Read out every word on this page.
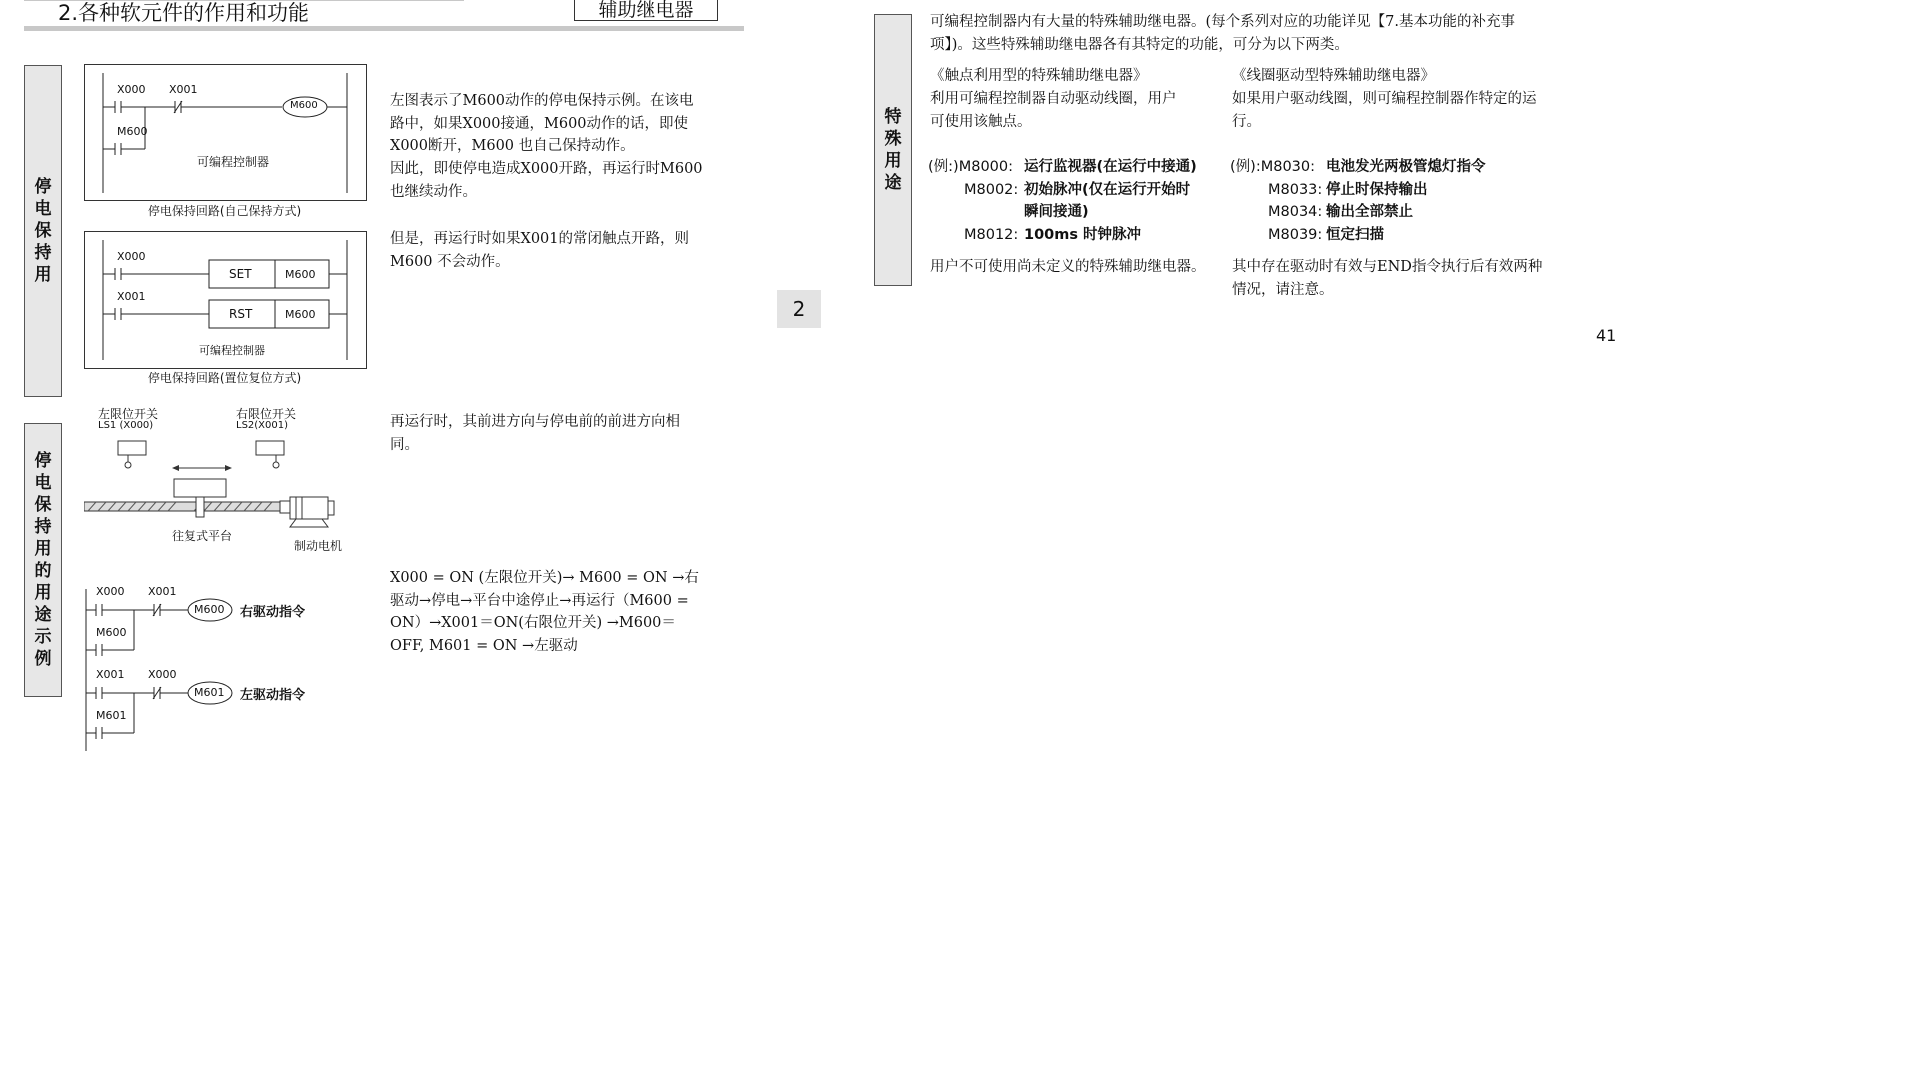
2.各种软元件的作用和功能	辅助继电器
停
电
保
持
用
停
电
保
持
用
的
用
途
示
例
X000 X001
M600
M600
可编程控制器
停电保持回路(自己保持方式)
X000
X001
SET	M600
RST	M600
可编程控制器
停电保持回路(置位复位方式)
左图表示了M600动作的停电保持示例。在该电路中，如果X000接通，M600动作的话，即使X000断开，M600 也自己保持动作。
因此，即使停电造成X000开路，再运行时M600也继续动作。
但是，再运行时如果X001的常闭触点开路，则M600 不会动作。
左限位开关
LS1 (X000)
右限位开关
LS2(X001)
往复式平台
制动电机
再运行时，其前进方向与停电前的前进方向相同。
X000 X001
M600 右驱动指令
M600
X001 X000
M601 左驱动指令
M601
X000 = ON (左限位开关)→ M600 = ON →右驱动→停电→平台中途停止→再运行（M600 = ON）→X001＝ON(右限位开关) →M600＝OFF, M601 = ON →左驱动
2
特
殊
用
途
可编程控制器内有大量的特殊辅助继电器。(每个系列对应的功能详见【7.基本功能的补充事项】)。这些特殊辅助继电器各有其特定的功能，可分为以下两类。
《触点利用型的特殊辅助继电器》
利用可编程控制器自动驱动线圈，用户可使用该触点。
《线圈驱动型特殊辅助继电器》
如果用户驱动线圈，则可编程控制器作特定的运行。
(例:)M8000: 运行监视器(在运行中接通)
M8002: 初始脉冲(仅在运行开始时
瞬间接通)
M8012: 100ms 时钟脉冲
(例):M8030: 电池发光两极管熄灯指令
M8033: 停止时保持输出
M8034: 输出全部禁止
M8039: 恒定扫描
用户不可使用尚未定义的特殊辅助继电器。	其中存在驱动时有效与END指令执行后有效两种情况，请注意。
41
